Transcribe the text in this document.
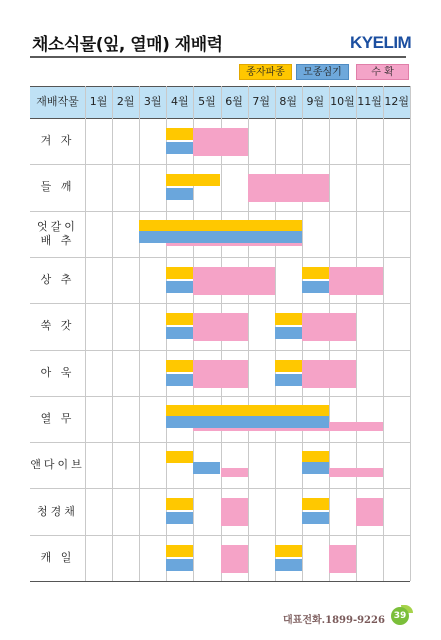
채소식물(잎, 열매) 재배력	KYELIM
종자파종	모종심기	수 확
재배작물 1월 2월 3월 4월 5월 6월 7월 8월 9월 10월 11월 12월
겨 자
들 깨
엇갈이
배 추
상 추
쑥 갓
아 욱
열 무
앤다이브
청경채
캐 일
대표전화.1899-9226 39
